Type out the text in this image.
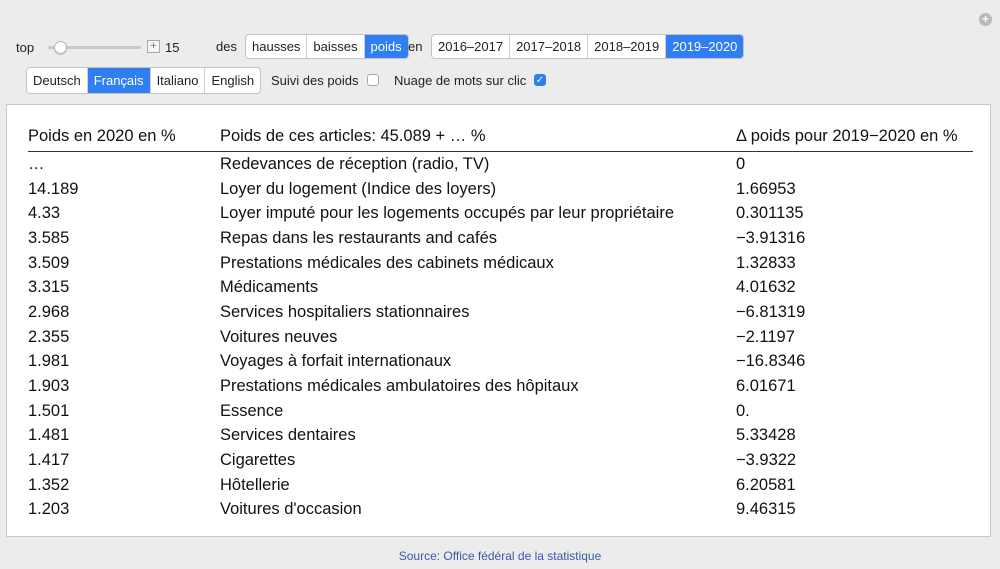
+
top	+ 15	des	hausses	baisses	poids en	2016–2017	2017–2018	2018–2019	2019–2020
Deutsch	Français	Italiano	English	Suivi des poids	Nuage de mots sur clic ✓
Poids en 2020 en %	Poids de ces articles: 45.089 + … %	Δ poids pour 2019−2020 en %
…	Redevances de réception (radio, TV)	0
14.189	Loyer du logement (Indice des loyers)	1.66953
4.33	Loyer imputé pour les logements occupés par leur propriétaire	0.301135
3.585	Repas dans les restaurants and cafés	−3.91316
3.509	Prestations médicales des cabinets médicaux	1.32833
3.315	Médicaments	4.01632
2.968	Services hospitaliers stationnaires	−6.81319
2.355	Voitures neuves	−2.1197
1.981	Voyages à forfait internationaux	−16.8346
1.903	Prestations médicales ambulatoires des hôpitaux	6.01671
1.501	Essence	0.
1.481	Services dentaires	5.33428
1.417	Cigarettes	−3.9322
1.352	Hôtellerie	6.20581
1.203	Voitures d'occasion	9.46315
Source: Office fédéral de la statistique
